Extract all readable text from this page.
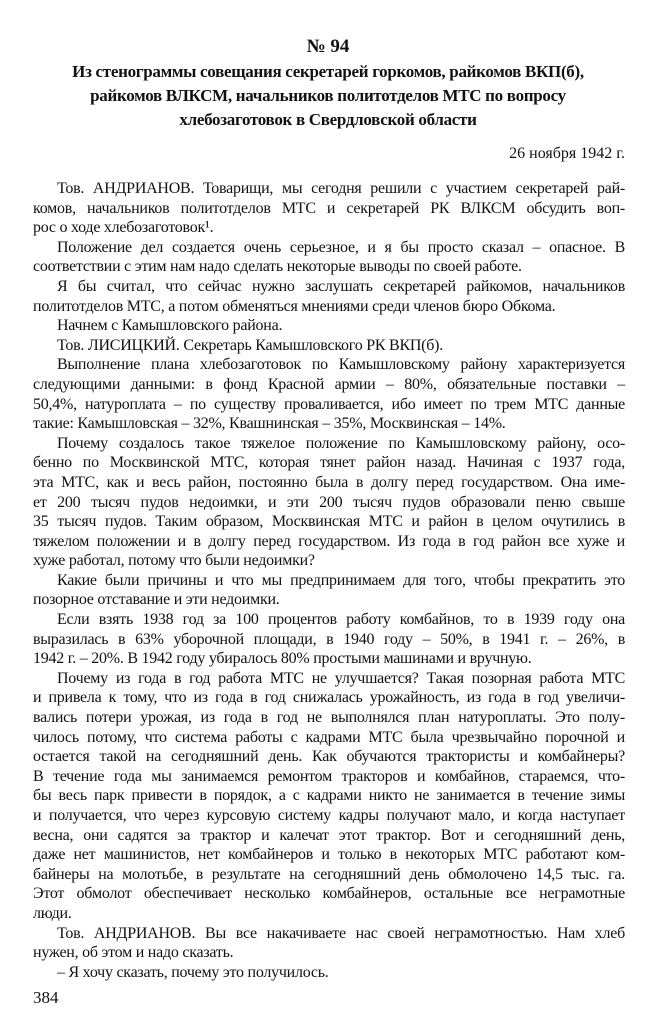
№ 94
Из стенограммы совещания секретарей горкомов, райкомов ВКП(б),
райкомов ВЛКСМ, начальников политотделов МТС по вопросу
хлебозаготовок в Свердловской области
26 ноября 1942 г.
Тов. АНДРИАНОВ. Товарищи, мы сегодня решили с участием секретарей рай-
комов, начальников политотделов МТС и секретарей РК ВЛКСМ обсудить воп-
рос о ходе хлебозаготовок¹.
Положение дел создается очень серьезное, и я бы просто сказал – опасное. В
соответствии с этим нам надо сделать некоторые выводы по своей работе.
Я бы считал, что сейчас нужно заслушать секретарей райкомов, начальников
политотделов МТС, а потом обменяться мнениями среди членов бюро Обкома.
Начнем с Камышловского района.
Тов. ЛИСИЦКИЙ. Секретарь Камышловского РК ВКП(б).
Выполнение плана хлебозаготовок по Камышловскому району характеризуется
следующими данными: в фонд Красной армии – 80%, обязательные поставки –
50,4%, натуроплата – по существу проваливается, ибо имеет по трем МТС данные
такие: Камышловская – 32%, Квашнинская – 35%, Москвинская – 14%.
Почему создалось такое тяжелое положение по Камышловскому району, осо-
бенно по Москвинской МТС, которая тянет район назад. Начиная с 1937 года,
эта МТС, как и весь район, постоянно была в долгу перед государством. Она име-
ет 200 тысяч пудов недоимки, и эти 200 тысяч пудов образовали пеню свыше
35 тысяч пудов. Таким образом, Москвинская МТС и район в целом очутились в
тяжелом положении и в долгу перед государством. Из года в год район все хуже и
хуже работал, потому что были недоимки?
Какие были причины и что мы предпринимаем для того, чтобы прекратить это
позорное отставание и эти недоимки.
Если взять 1938 год за 100 процентов работу комбайнов, то в 1939 году она
выразилась в 63% уборочной площади, в 1940 году – 50%, в 1941 г. – 26%, в
1942 г. – 20%. В 1942 году убиралось 80% простыми машинами и вручную.
Почему из года в год работа МТС не улучшается? Такая позорная работа МТС
и привела к тому, что из года в год снижалась урожайность, из года в год увеличи-
вались потери урожая, из года в год не выполнялся план натуроплаты. Это полу-
чилось потому, что система работы с кадрами МТС была чрезвычайно порочной и
остается такой на сегодняшний день. Как обучаются трактористы и комбайнеры?
В течение года мы занимаемся ремонтом тракторов и комбайнов, стараемся, что-
бы весь парк привести в порядок, а с кадрами никто не занимается в течение зимы
и получается, что через курсовую систему кадры получают мало, и когда наступает
весна, они садятся за трактор и калечат этот трактор. Вот и сегодняшний день,
даже нет машинистов, нет комбайнеров и только в некоторых МТС работают ком-
байнеры на молотьбе, в результате на сегодняшний день обмолочено 14,5 тыс. га.
Этот обмолот обеспечивает несколько комбайнеров, остальные все неграмотные
люди.
Тов. АНДРИАНОВ. Вы все накачиваете нас своей неграмотностью. Нам хлеб
нужен, об этом и надо сказать.
– Я хочу сказать, почему это получилось.
384
